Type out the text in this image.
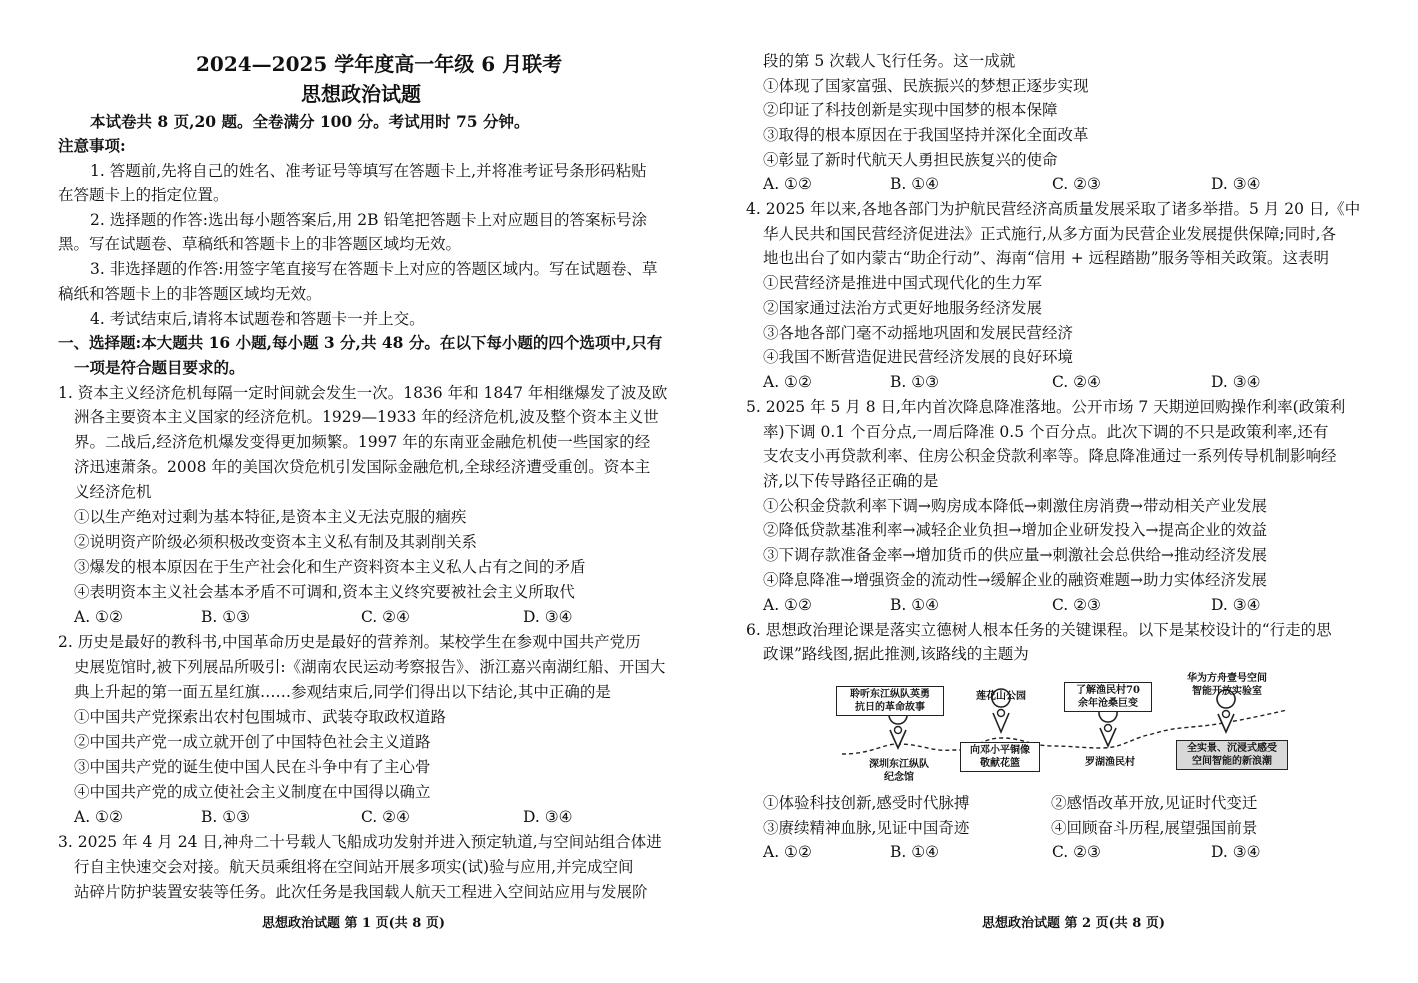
2024—2025 学年度高一年级 6 月联考
思想政治试题
本试卷共 8 页,20 题。全卷满分 100 分。考试用时 75 分钟。
注意事项:
1. 答题前,先将自己的姓名、准考证号等填写在答题卡上,并将准考证号条形码粘贴
在答题卡上的指定位置。
2. 选择题的作答:选出每小题答案后,用 2B 铅笔把答题卡上对应题目的答案标号涂
黑。写在试题卷、草稿纸和答题卡上的非答题区域均无效。
3. 非选择题的作答:用签字笔直接写在答题卡上对应的答题区域内。写在试题卷、草
稿纸和答题卡上的非答题区域均无效。
4. 考试结束后,请将本试题卷和答题卡一并上交。
一、选择题:本大题共 16 小题,每小题 3 分,共 48 分。在以下每小题的四个选项中,只有
一项是符合题目要求的。
1. 资本主义经济危机每隔一定时间就会发生一次。1836 年和 1847 年相继爆发了波及欧
洲各主要资本主义国家的经济危机。1929—1933 年的经济危机,波及整个资本主义世
界。二战后,经济危机爆发变得更加频繁。1997 年的东南亚金融危机使一些国家的经
济迅速萧条。2008 年的美国次贷危机引发国际金融危机,全球经济遭受重创。资本主
义经济危机
①以生产绝对过剩为基本特征,是资本主义无法克服的痼疾
②说明资产阶级必须积极改变资本主义私有制及其剥削关系
③爆发的根本原因在于生产社会化和生产资料资本主义私人占有之间的矛盾
④表明资本主义社会基本矛盾不可调和,资本主义终究要被社会主义所取代
A. ①②	B. ①③	C. ②④	D. ③④
2. 历史是最好的教科书,中国革命历史是最好的营养剂。某校学生在参观中国共产党历
史展览馆时,被下列展品所吸引:《湖南农民运动考察报告》、浙江嘉兴南湖红船、开国大
典上升起的第一面五星红旗……参观结束后,同学们得出以下结论,其中正确的是
①中国共产党探索出农村包围城市、武装夺取政权道路
②中国共产党一成立就开创了中国特色社会主义道路
③中国共产党的诞生使中国人民在斗争中有了主心骨
④中国共产党的成立使社会主义制度在中国得以确立
A. ①②	B. ①③	C. ②④	D. ③④
3. 2025 年 4 月 24 日,神舟二十号载人飞船成功发射并进入预定轨道,与空间站组合体进
行自主快速交会对接。航天员乘组将在空间站开展多项实(试)验与应用,并完成空间
站碎片防护装置安装等任务。此次任务是我国载人航天工程进入空间站应用与发展阶
思想政治试题 第 1 页(共 8 页)
段的第 5 次载人飞行任务。这一成就
①体现了国家富强、民族振兴的梦想正逐步实现
②印证了科技创新是实现中国梦的根本保障
③取得的根本原因在于我国坚持并深化全面改革
④彰显了新时代航天人勇担民族复兴的使命
A. ①②	B. ①④	C. ②③	D. ③④
4. 2025 年以来,各地各部门为护航民营经济高质量发展采取了诸多举措。5 月 20 日,《中
华人民共和国民营经济促进法》正式施行,从多方面为民营企业发展提供保障;同时,各
地也出台了如内蒙古“助企行动”、海南“信用 + 远程踏勘”服务等相关政策。这表明
①民营经济是推进中国式现代化的生力军
②国家通过法治方式更好地服务经济发展
③各地各部门毫不动摇地巩固和发展民营经济
④我国不断营造促进民营经济发展的良好环境
A. ①②	B. ①③	C. ②④	D. ③④
5. 2025 年 5 月 8 日,年内首次降息降准落地。公开市场 7 天期逆回购操作利率(政策利
率)下调 0.1 个百分点,一周后降准 0.5 个百分点。此次下调的不只是政策利率,还有
支农支小再贷款利率、住房公积金贷款利率等。降息降准通过一系列传导机制影响经
济,以下传导路径正确的是
①公积金贷款利率下调→购房成本降低→刺激住房消费→带动相关产业发展
②降低贷款基准利率→减轻企业负担→增加企业研发投入→提高企业的效益
③下调存款准备金率→增加货币的供应量→刺激社会总供给→推动经济发展
④降息降准→增强资金的流动性→缓解企业的融资难题→助力实体经济发展
A. ①②	B. ①④	C. ②③	D. ③④
6. 思想政治理论课是落实立德树人根本任务的关键课程。以下是某校设计的“行走的思
政课”路线图,据此推测,该路线的主题为
①体验科技创新,感受时代脉搏	②感悟改革开放,见证时代变迁
③赓续精神血脉,见证中国奇迹	④回顾奋斗历程,展望强国前景
A. ①②	B. ①④	C. ②③	D. ③④
思想政治试题 第 2 页(共 8 页)
聆听东江纵队英勇
抗日的革命故事
莲花山公园
了解渔民村70
余年沧桑巨变
华为方舟壹号空间
智能开放实验室
深圳东江纵队
纪念馆
向邓小平铜像
敬献花篮	罗湖渔民村
全实景、沉浸式感受
空间智能的新浪潮
